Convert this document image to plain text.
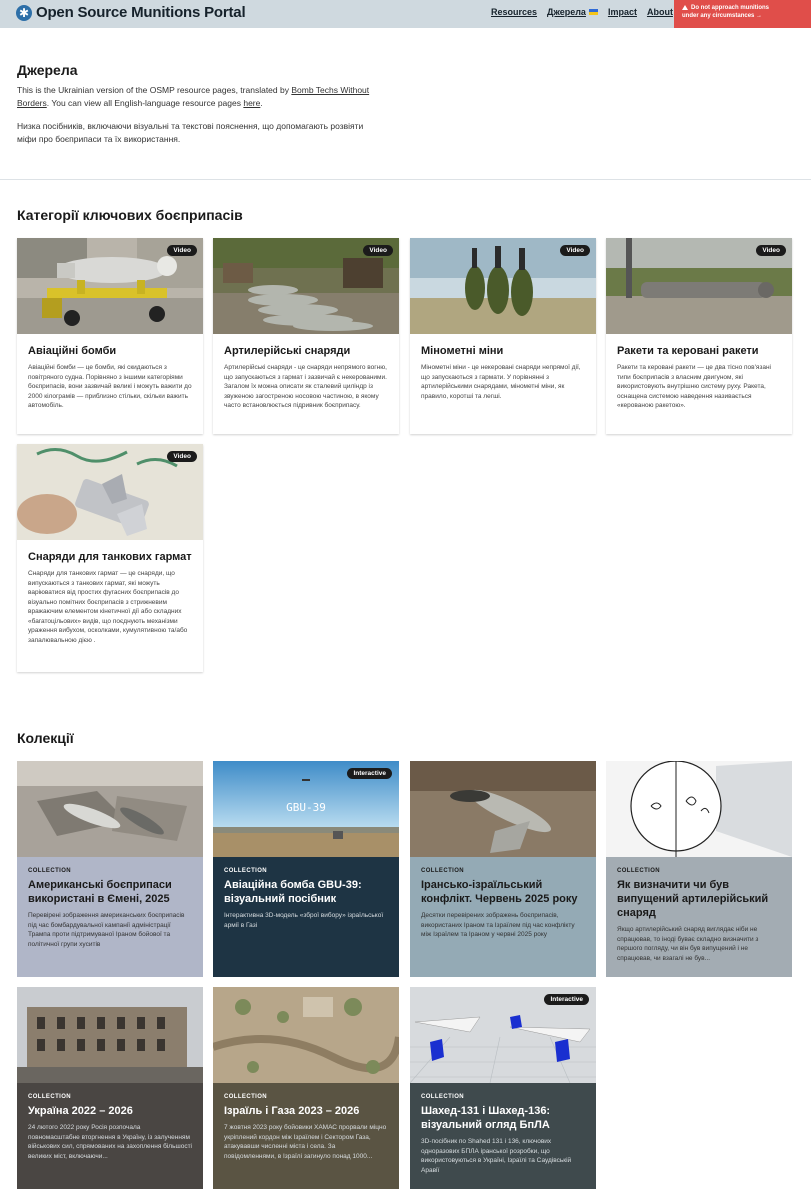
✱ Open Source Munitions Portal	Resources Джерела Impact About	Do not approach munitions
under any circumstances →
Джерела

This is the Ukrainian version of the OSMP resource pages, translated by Bomb Techs Without Borders. You can view all English-language resource pages here.

Низка посібників, включаючи візуальні та текстові пояснення, що допомагають розвіяти міфи про боєприпаси та їх використання.

Категорії ключових боєприпасів
Video
Авіаційні бомби
Авіаційні бомби — це бомби, які скидаються з повітряного судна. Порівняно з іншими категоріями боєприпасів, вони зазвичай великі і можуть важити до 2000 кілограмів — приблизно стільки, скільки важить автомобіль.
Video
Артилерійські снаряди
Артилерійські снаряди - це снаряди непрямого вогню, що запускаються з гармат і зазвичай є некерованими. Загалом їх можна описати як сталевий циліндр із звуженою загостреною носовою частиною, в якому часто встановлюється підривник боєприпасу.
Video
Мінометні міни
Мінометні міни - це некеровані снаряди непрямої дії, що запускаються з гармати. У порівнянні з артилерійськими снарядами, мінометні міни, як правило, коротші та легші.
Video
Ракети та керовані ракети
Ракети та керовані ракети — це два тісно пов'язані типи боєприпасів з власним двигуном, які використовують внутрішню систему руху. Ракета, оснащена системою наведення називається «керованою ракетою».
Video
Снаряди для танкових гармат
Снаряди для танкових гармат — це снаряди, що випускаються з танкових гармат, які можуть варіюватися від простих фугасних боєприпасів до візуально помітних боєприпасів з стрижневим вражаючим елементом кінетичної дії або складних «багатоцільових» видів, що поєднують механізми ураження вибухом, осколками, кумулятивною та/або запалювальною дією .
Колекції
COLLECTION
Американські боєприпаси використані в Ємені, 2025
Перевірені зображення американських боєприпасів під час бомбардувальної кампанії адміністрації Трампа проти підтримуваної Іраном бойової та політичної групи хуситів
GBU-39
Interactive
COLLECTION
Авіаційна бомба GBU-39: візуальний посібник
Інтерактивна 3D-модель «зброї вибору» ізраїльської армії в Газі
COLLECTION
Ірансько-ізраїльський конфлікт. Червень 2025 року
Десятки перевірених зображень боєприпасів, використаних Іраном та Ізраїлем під час конфлікту між Ізраїлем та Іраном у червні 2025 року
COLLECTION
Як визначити чи був випущений артилерійський снаряд
Якщо артилерійський снаряд виглядає ніби не спрацював, то іноді буває складно визначити з першого погляду, чи він був випущений і не спрацював, чи взагалі не був...
COLLECTION
Україна 2022 – 2026
24 лютого 2022 року Росія розпочала повномасштабне вторгнення в Україну, із залученням військових сил, спрямованих на захоплення більшості великих міст, включаючи...
COLLECTION
Ізраїль і Газа 2023 – 2026
7 жовтня 2023 року бойовики ХАМАС прорвали міцно укріплений кордон між Ізраїлем і Сектором Газа, атакувавши численні міста і села. За повідомленнями, в Ізраїлі загинуло понад 1000...
Interactive
COLLECTION
Шахед-131 і Шахед-136: візуальний огляд БпЛА
3D-посібник по Shahed 131 і 136, ключових одноразових БПЛА іранської розробки, що використовуються в Україні, Ізраїлі та Саудівській Аравії
